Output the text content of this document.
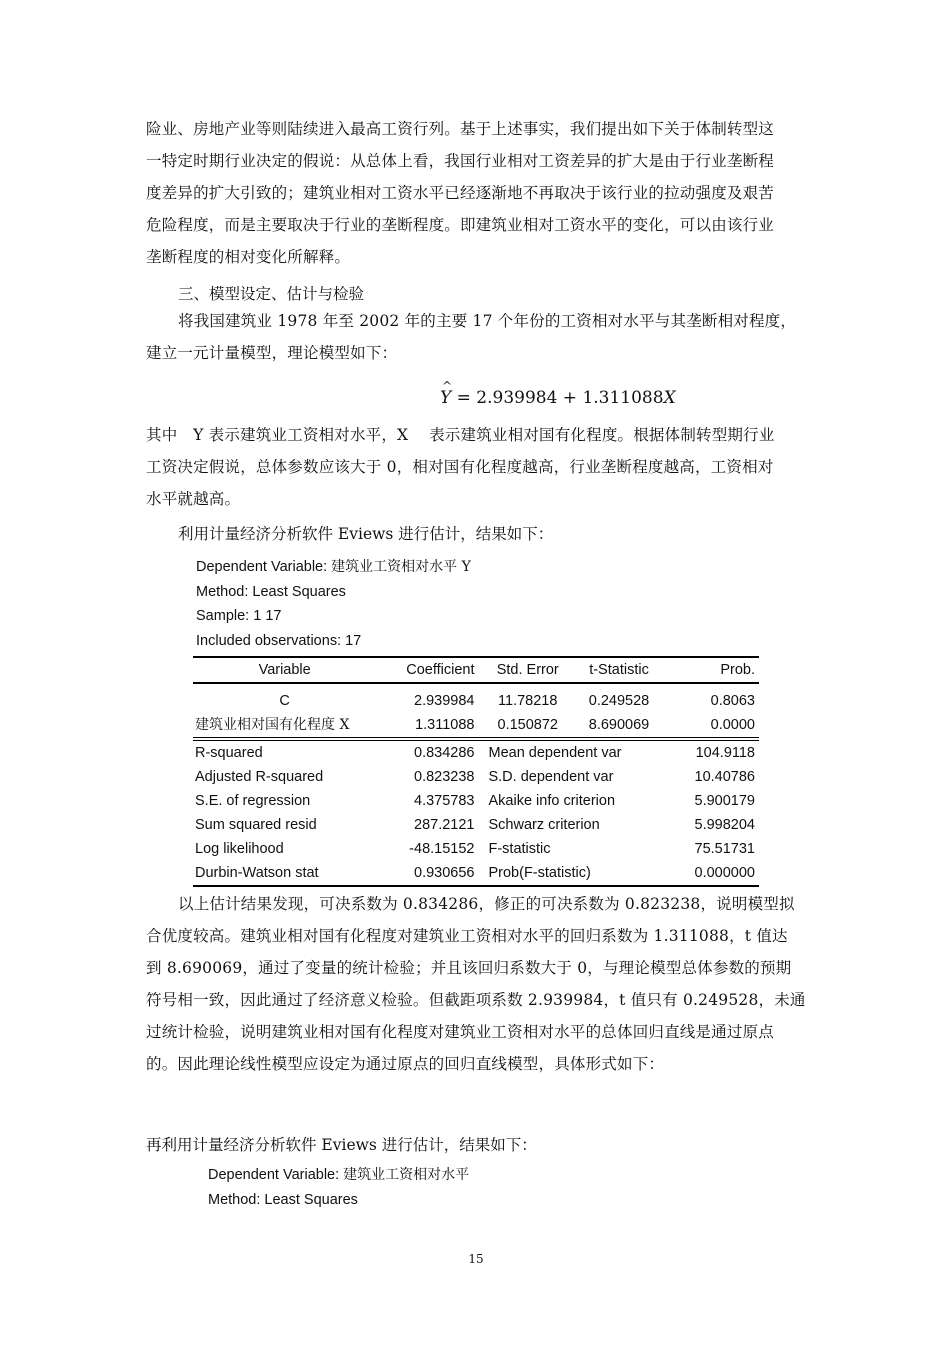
险业、房地产业等则陆续进入最高工资行列。基于上述事实，我们提出如下关于体制转型这
一特定时期行业决定的假说：从总体上看，我国行业相对工资差异的扩大是由于行业垄断程
度差异的扩大引致的；建筑业相对工资水平已经逐渐地不再取决于该行业的拉动强度及艰苦
危险程度，而是主要取决于行业的垄断程度。即建筑业相对工资水平的变化，可以由该行业
垄断程度的相对变化所解释。
三、模型设定、估计与检验
将我国建筑业 1978 年至 2002 年的主要 17 个年份的工资相对水平与其垄断相对程度，
建立一元计量模型，理论模型如下：
^ Y = 2.939984 + 1.311088X
其中　Y 表示建筑业工资相对水平，X　 表示建筑业相对国有化程度。根据体制转型期行业
工资决定假说，总体参数应该大于 0，相对国有化程度越高，行业垄断程度越高，工资相对
水平就越高。
利用计量经济分析软件 Eviews 进行估计，结果如下：
Dependent Variable: 建筑业工资相对水平 Y
Method: Least Squares
Sample: 1 17
Included observations: 17
Variable	Coefficient	Std. Error	t-Statistic	Prob.

C	2.939984	11.78218	0.249528	0.8063
建筑业相对国有化程度 X	1.311088	0.150872	8.690069	0.0000

R-squared	0.834286	Mean dependent var		104.9118
Adjusted R-squared	0.823238	S.D. dependent var		10.40786
S.E. of regression	4.375783	Akaike info criterion		5.900179
Sum squared resid	287.2121	Schwarz criterion		5.998204
Log likelihood	-48.15152	F-statistic		75.51731
Durbin-Watson stat	0.930656	Prob(F-statistic)		0.000000
以上估计结果发现，可决系数为 0.834286，修正的可决系数为 0.823238，说明模型拟
合优度较高。建筑业相对国有化程度对建筑业工资相对水平的回归系数为 1.311088，t 值达
到 8.690069，通过了变量的统计检验；并且该回归系数大于 0，与理论模型总体参数的预期
符号相一致，因此通过了经济意义检验。但截距项系数 2.939984，t 值只有 0.249528，未通
过统计检验，说明建筑业相对国有化程度对建筑业工资相对水平的总体回归直线是通过原点
的。因此理论线性模型应设定为通过原点的回归直线模型，具体形式如下：
再利用计量经济分析软件 Eviews 进行估计，结果如下：
Dependent Variable: 建筑业工资相对水平
Method: Least Squares
15
